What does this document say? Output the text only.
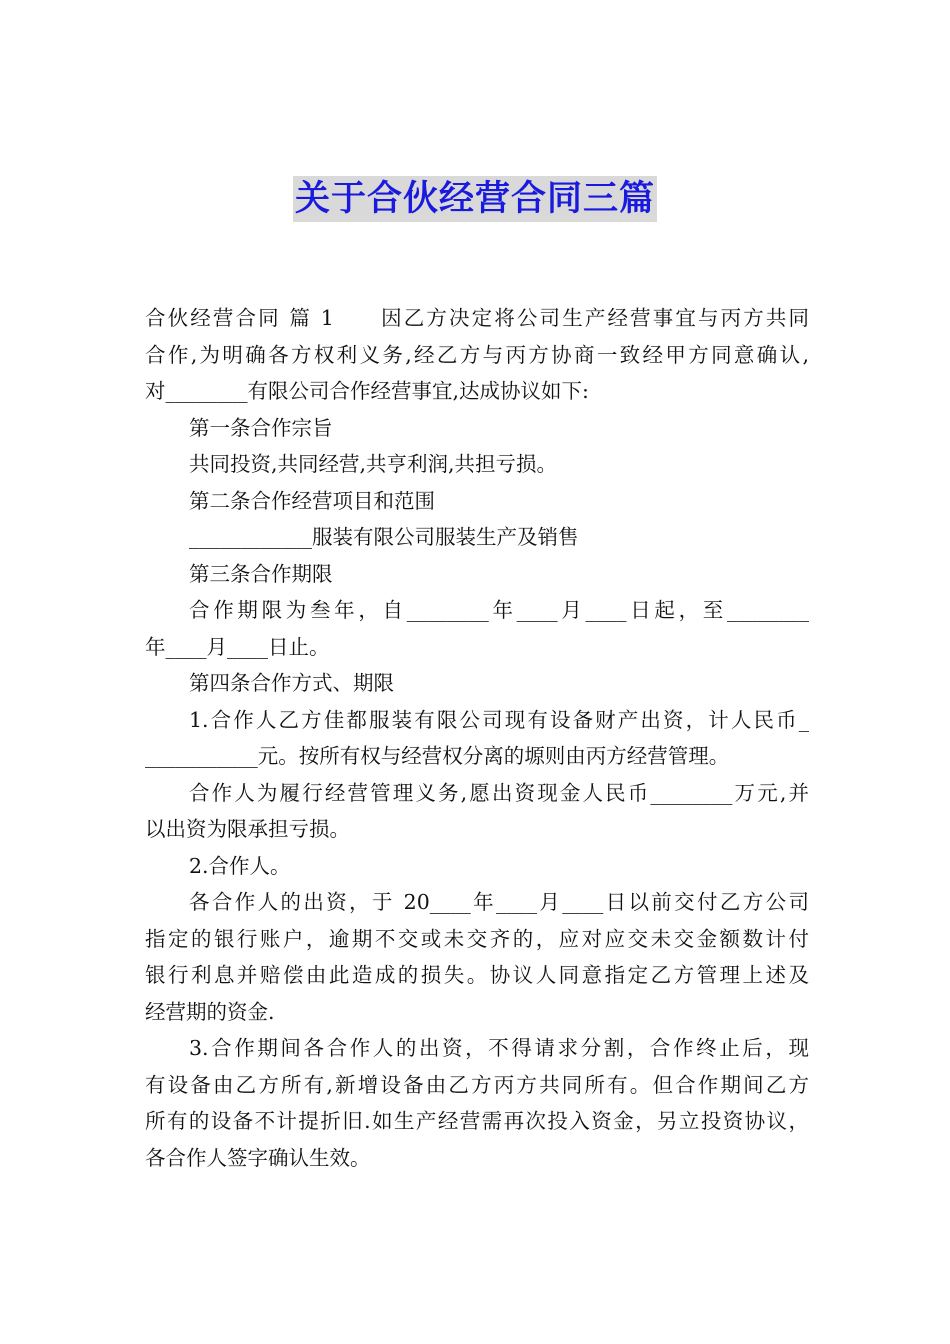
关于合伙经营合同三篇

合伙经营合同 篇 1　　因乙方决定将公司生产经营事宜与丙方共同

合作,为明确各方权利义务,经乙方与丙方协商一致经甲方同意确认,

对________有限公司合作经营事宜,达成协议如下:

第一条合作宗旨

共同投资,共同经营,共亨利润,共担亏损。

第二条合作经营项目和范围

____________服装有限公司服装生产及销售

第三条合作期限

合作期限为叁年，自________年____月____日起，至________

年____月____日止。

第四条合作方式、期限

1.合作人乙方佳都服装有限公司现有设备财产出资，计人民币_

___________元。按所有权与经营权分离的塬则由丙方经营管理。

合作人为履行经营管理义务,愿出资现金人民币________万元,并

以出资为限承担亏损。

2.合作人。

各合作人的出资，于 20____年____月____日以前交付乙方公司

指定的银行账户，逾期不交或未交齐的，应对应交未交金额数计付

银行利息并赔偿由此造成的损失。协议人同意指定乙方管理上述及

经营期的资金.

3.合作期间各合作人的出资，不得请求分割，合作终止后，现

有设备由乙方所有,新增设备由乙方丙方共同所有。但合作期间乙方

所有的设备不计提折旧.如生产经营需再次投入资金，另立投资协议，

各合作人签字确认生效。
